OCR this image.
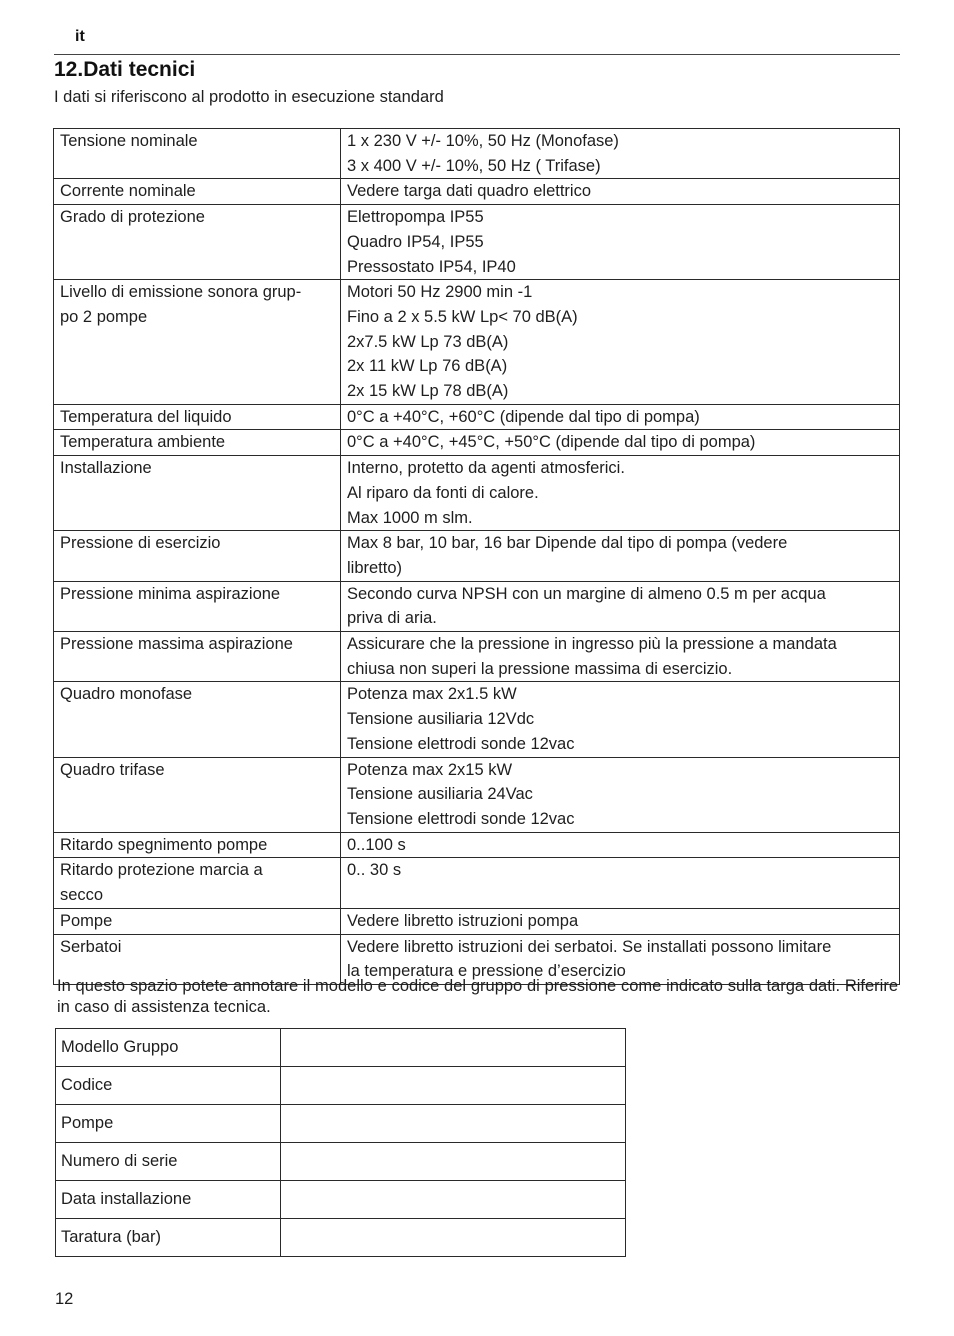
it
12.Dati tecnici
I dati si riferiscono al prodotto in esecuzione standard
Tensione nominale	1 x 230 V +/- 10%, 50 Hz (Monofase)
3 x 400 V +/- 10%, 50 Hz ( Trifase)

Corrente nominale	Vedere targa dati quadro elettrico

Grado di protezione	Elettropompa IP55
Quadro IP54, IP55
Pressostato IP54, IP40

Livello di emissione sonora grup-
po 2 pompe	Motori 50 Hz 2900 min -1
Fino a 2 x 5.5 kW Lp< 70 dB(A)
2x7.5 kW Lp 73 dB(A)
2x 11 kW Lp 76 dB(A)
2x 15 kW Lp 78 dB(A)

Temperatura del liquido	0°C a +40°C, +60°C (dipende dal tipo di pompa)

Temperatura ambiente	0°C a +40°C, +45°C, +50°C (dipende dal tipo di pompa)

Installazione	Interno, protetto da agenti atmosferici.
Al riparo da fonti di calore.
Max 1000 m slm.

Pressione di esercizio	Max 8 bar, 10 bar, 16 bar Dipende dal tipo di pompa (vedere
libretto)

Pressione minima aspirazione	Secondo curva NPSH con un margine di almeno 0.5 m per acqua
priva di aria.

Pressione massima aspirazione	Assicurare che la pressione in ingresso più la pressione a mandata
chiusa non superi la pressione massima di esercizio.

Quadro monofase	Potenza max 2x1.5 kW
Tensione ausiliaria 12Vdc
Tensione elettrodi sonde 12vac

Quadro trifase	Potenza max 2x15 kW
Tensione ausiliaria 24Vac
Tensione elettrodi sonde 12vac

Ritardo spegnimento pompe	0..100 s

Ritardo protezione marcia a
secco	0.. 30 s

Pompe	Vedere libretto istruzioni pompa

Serbatoi	Vedere libretto istruzioni dei serbatoi. Se installati possono limitare
la temperatura e pressione d’esercizio
In questo spazio potete annotare il modello e codice del gruppo di pressione come indicato sulla targa dati. Riferire in caso di assistenza tecnica.
Modello Gruppo	
Codice	
Pompe	
Numero di serie	
Data installazione	
Taratura (bar)	
12
